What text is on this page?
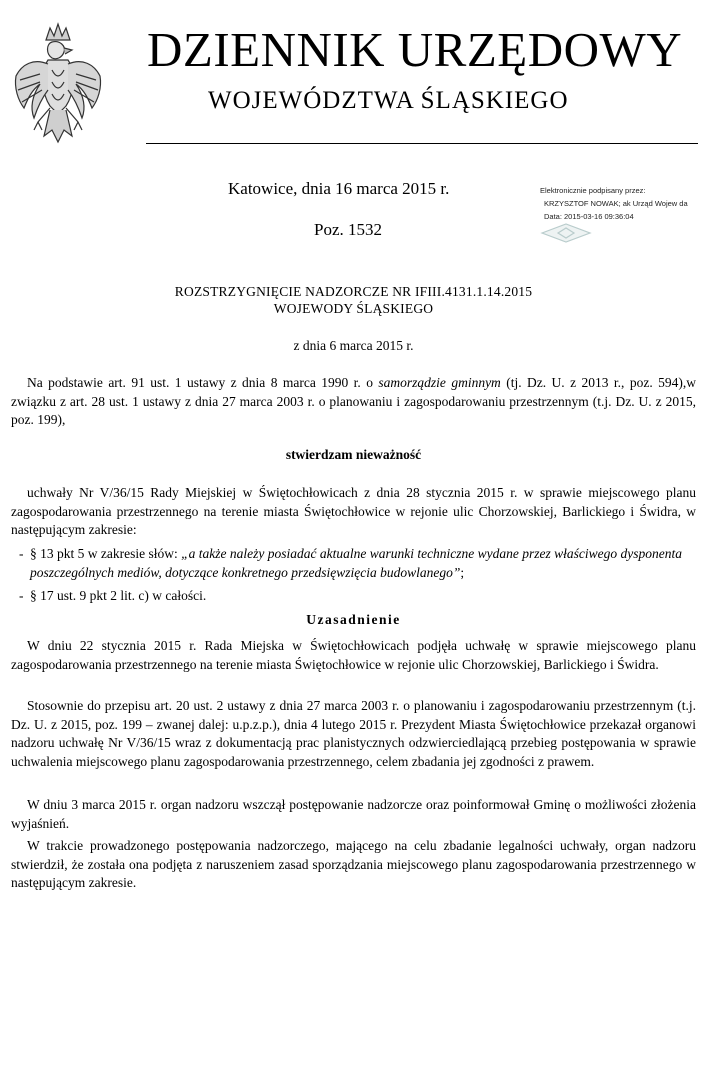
DZIENNIK URZĘDOWY
WOJEWÓDZTWA ŚLĄSKIEGO
Katowice, dnia 16 marca 2015 r.
Poz. 1532
Elektronicznie podpisany przez:
KRZYSZTOF NOWAK; ak Urząd Wojew da
Data: 2015-03-16 09:36:04
ROZSTRZYGNIĘCIE NADZORCZE NR IFIII.4131.1.14.2015
WOJEWODY ŚLĄSKIEGO
z dnia 6 marca 2015 r.
Na podstawie art. 91 ust. 1 ustawy z dnia 8 marca 1990 r. o samorządzie gminnym (tj. Dz. U. z 2013 r., poz. 594),w związku z art. 28 ust. 1 ustawy z dnia 27 marca 2003 r. o planowaniu i zagospodarowaniu przestrzennym (t.j. Dz. U. z 2015, poz. 199),
stwierdzam nieważność
uchwały Nr V/36/15 Rady Miejskiej w Świętochłowicach z dnia 28 stycznia 2015 r. w sprawie miejscowego planu zagospodarowania przestrzennego na terenie miasta Świętochłowice w rejonie ulic Chorzowskiej, Barlickiego i Świdra, w następującym zakresie:
- § 13 pkt 5 w zakresie słów: „a także należy posiadać aktualne warunki techniczne wydane przez właściwego dysponenta poszczególnych mediów, dotyczące konkretnego przedsięwzięcia budowlanego”;
- § 17 ust. 9 pkt 2 lit. c) w całości.
Uzasadnienie
W dniu 22 stycznia 2015 r. Rada Miejska w Świętochłowicach podjęła uchwałę w sprawie miejscowego planu zagospodarowania przestrzennego na terenie miasta Świętochłowice w rejonie ulic Chorzowskiej, Barlickiego i Świdra.
Stosownie do przepisu art. 20 ust. 2 ustawy z dnia 27 marca 2003 r. o planowaniu i zagospodarowaniu przestrzennym (t.j. Dz. U. z 2015, poz. 199 – zwanej dalej: u.p.z.p.), dnia 4 lutego 2015 r. Prezydent Miasta Świętochłowice przekazał organowi nadzoru uchwałę Nr V/36/15 wraz z dokumentacją prac planistycznych odzwierciedlającą przebieg postępowania w sprawie uchwalenia miejscowego planu zagospodarowania przestrzennego, celem zbadania jej zgodności z prawem.
W dniu 3 marca 2015 r. organ nadzoru wszczął postępowanie nadzorcze oraz poinformował Gminę o możliwości złożenia wyjaśnień.
W trakcie prowadzonego postępowania nadzorczego, mającego na celu zbadanie legalności uchwały, organ nadzoru stwierdził, że została ona podjęta z naruszeniem zasad sporządzania miejscowego planu zagospodarowania przestrzennego w następującym zakresie.
